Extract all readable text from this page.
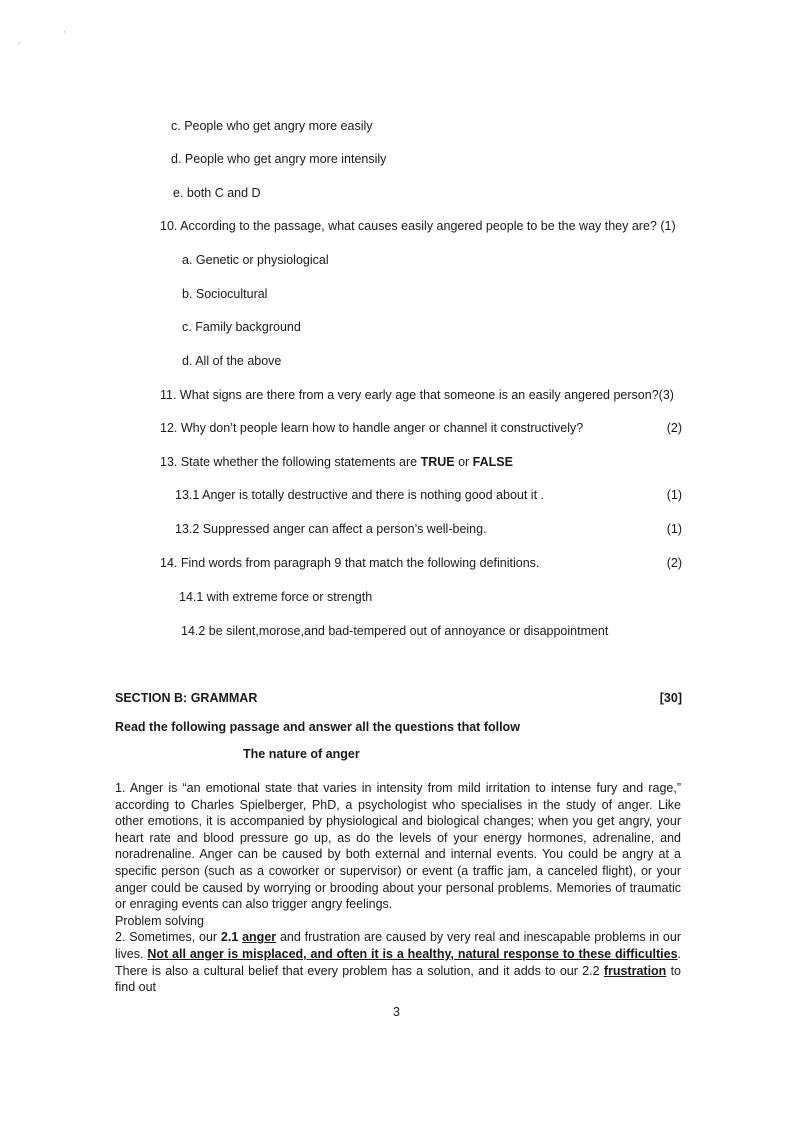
,
'
c. People who get angry more easily
d. People who get angry more intensily
e. both C and D
10. According to the passage, what causes easily angered people to be the way they are? (1)
a. Genetic or physiological
b. Sociocultural
c. Family background
d. All of the above
11. What signs are there from a very early age that someone is an easily angered person?(3)
12. Why don’t people learn how to handle anger or channel it constructively?	(2)
13. State whether the following statements are TRUE or FALSE
13.1 Anger is totally destructive and there is nothing good about it .	(1)
13.2 Suppressed anger can affect a person’s well-being.	(1)
14. Find words from paragraph 9 that match the following definitions.	(2)
14.1 with extreme force or strength
14.2 be silent,morose,and bad-tempered out of annoyance or disappointment
SECTION B: GRAMMAR	[30]
Read the following passage and answer all the questions that follow
The nature of anger

1. Anger is “an emotional state that varies in intensity from mild irritation to intense fury and rage,” according to Charles Spielberger, PhD, a psychologist who specialises in the study of anger. Like other emotions, it is accompanied by physiological and biological changes; when you get angry, your heart rate and blood pressure go up, as do the levels of your energy hormones, adrenaline, and noradrenaline. Anger can be caused by both external and internal events. You could be angry at a specific person (such as a coworker or supervisor) or event (a traffic jam, a canceled flight), or your anger could be caused by worrying or brooding about your personal problems. Memories of traumatic or enraging events can also trigger angry feelings.

Problem solving

2. Sometimes, our 2.1 anger and frustration are caused by very real and inescapable problems in our lives. Not all anger is misplaced, and often it is a healthy, natural response to these difficulties. There is also a cultural belief that every problem has a solution, and it adds to our 2.2 frustration to find out

3
